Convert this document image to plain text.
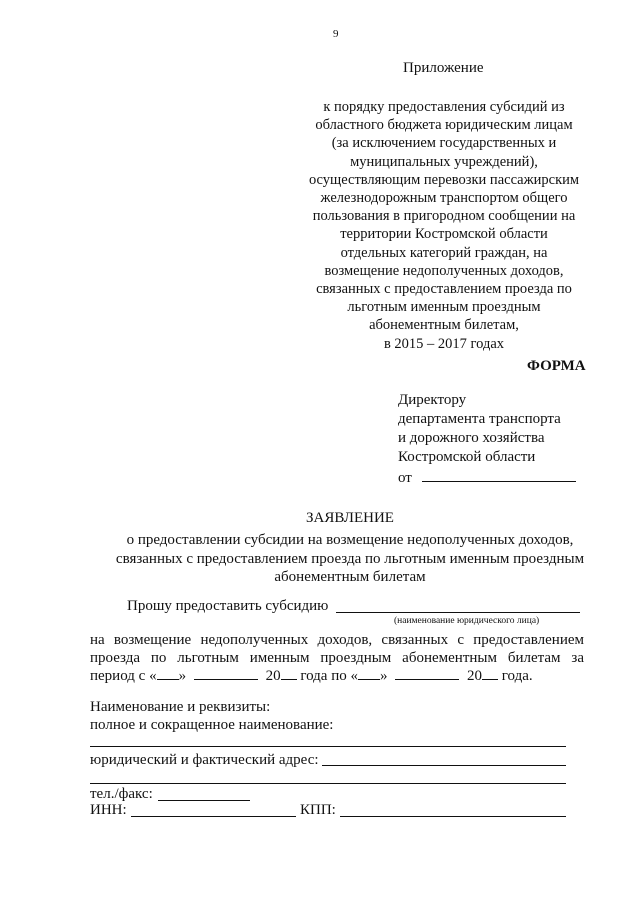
9
Приложение
к порядку предоставления субсидий из
областного бюджета юридическим лицам
(за исключением государственных и
муниципальных учреждений),
осуществляющим перевозки пассажирским
железнодорожным транспортом общего
пользования в пригородном сообщении на
территории Костромской области
отдельных категорий граждан, на
возмещение недополученных доходов,
связанных с предоставлением проезда по
льготным именным проездным
абонементным билетам,
в 2015 – 2017 годах
ФОРМА
Директору
департамента транспорта
и дорожного хозяйства
Костромской области
от
ЗАЯВЛЕНИЕ
о предоставлении субсидии на возмещение недополученных доходов,
связанных с предоставлением проезда по льготным именным проездным
абонементным билетам
Прошу предоставить субсидию
(наименование юридического лица)
на возмещение недополученных доходов, связанных с предоставлением
проезда по льготным именным проездным абонементным билетам за
период с « »	20 года по « »	20 года.
Наименование и реквизиты:
полное и сокращенное наименование:
юридический и фактический адрес:
тел./факс:
ИНН:	КПП:
